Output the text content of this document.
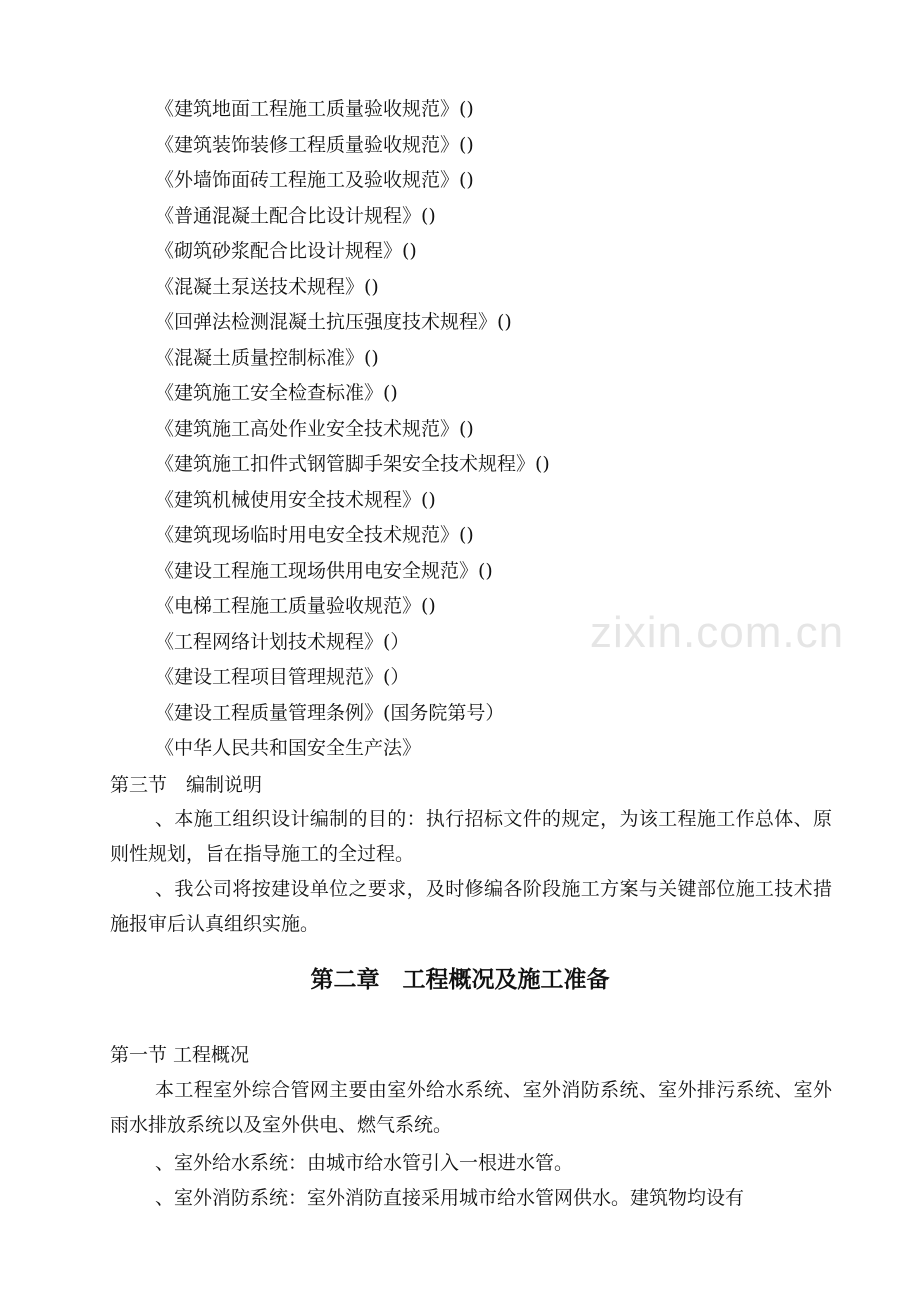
《建筑地面工程施工质量验收规范》()
《建筑装饰装修工程质量验收规范》()
《外墙饰面砖工程施工及验收规范》()
《普通混凝土配合比设计规程》()
《砌筑砂浆配合比设计规程》()
《混凝土泵送技术规程》()
《回弹法检测混凝土抗压强度技术规程》()
《混凝土质量控制标准》()
《建筑施工安全检查标准》()
《建筑施工高处作业安全技术规范》()
《建筑施工扣件式钢管脚手架安全技术规程》()
《建筑机械使用安全技术规程》()
《建筑现场临时用电安全技术规范》()
《建设工程施工现场供用电安全规范》()
《电梯工程施工质量验收规范》()
《工程网络计划技术规程》(）
《建设工程项目管理规范》(）
《建设工程质量管理条例》(国务院第号）
《中华人民共和国安全生产法》
第三节　编制说明

、本施工组织设计编制的目的：执行招标文件的规定，为该工程施工作总体、原则性规划，旨在指导施工的全过程。

、我公司将按建设单位之要求，及时修编各阶段施工方案与关键部位施工技术措施报审后认真组织实施。

第二章　工程概况及施工准备
第一节 工程概况

本工程室外综合管网主要由室外给水系统、室外消防系统、室外排污系统、室外雨水排放系统以及室外供电、燃气系统。

、室外给水系统：由城市给水管引入一根进水管。

、室外消防系统：室外消防直接采用城市给水管网供水。建筑物均设有

zixin.com.cn
